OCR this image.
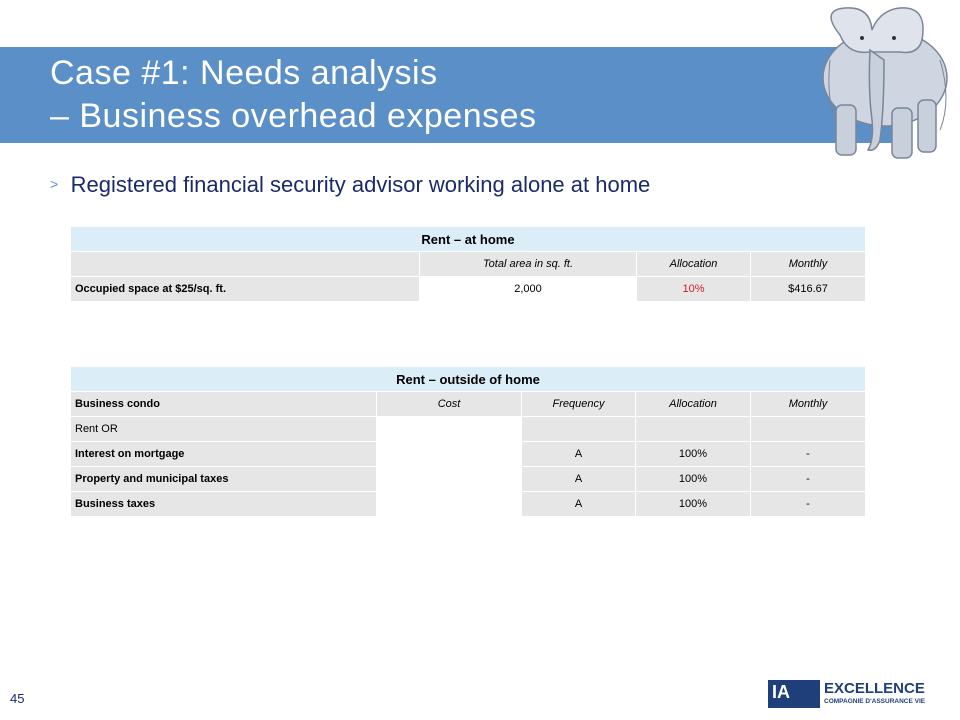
Case #1: Needs analysis
– Business overhead expenses
> Registered financial security advisor working alone at home
Rent – at home			
	Total area in sq. ft.	Allocation	Monthly
Occupied space at $25/sq. ft.	2,000	10%	$416.67
Rent – outside of home				
Business condo	Cost	Frequency	Allocation	Monthly
Rent OR				
Interest on mortgage		A	100%	-
Property and municipal taxes		A	100%	-
Business taxes		A	100%	-
45	IA EXCELLENCE
COMPAGNIE D'ASSURANCE VIE
